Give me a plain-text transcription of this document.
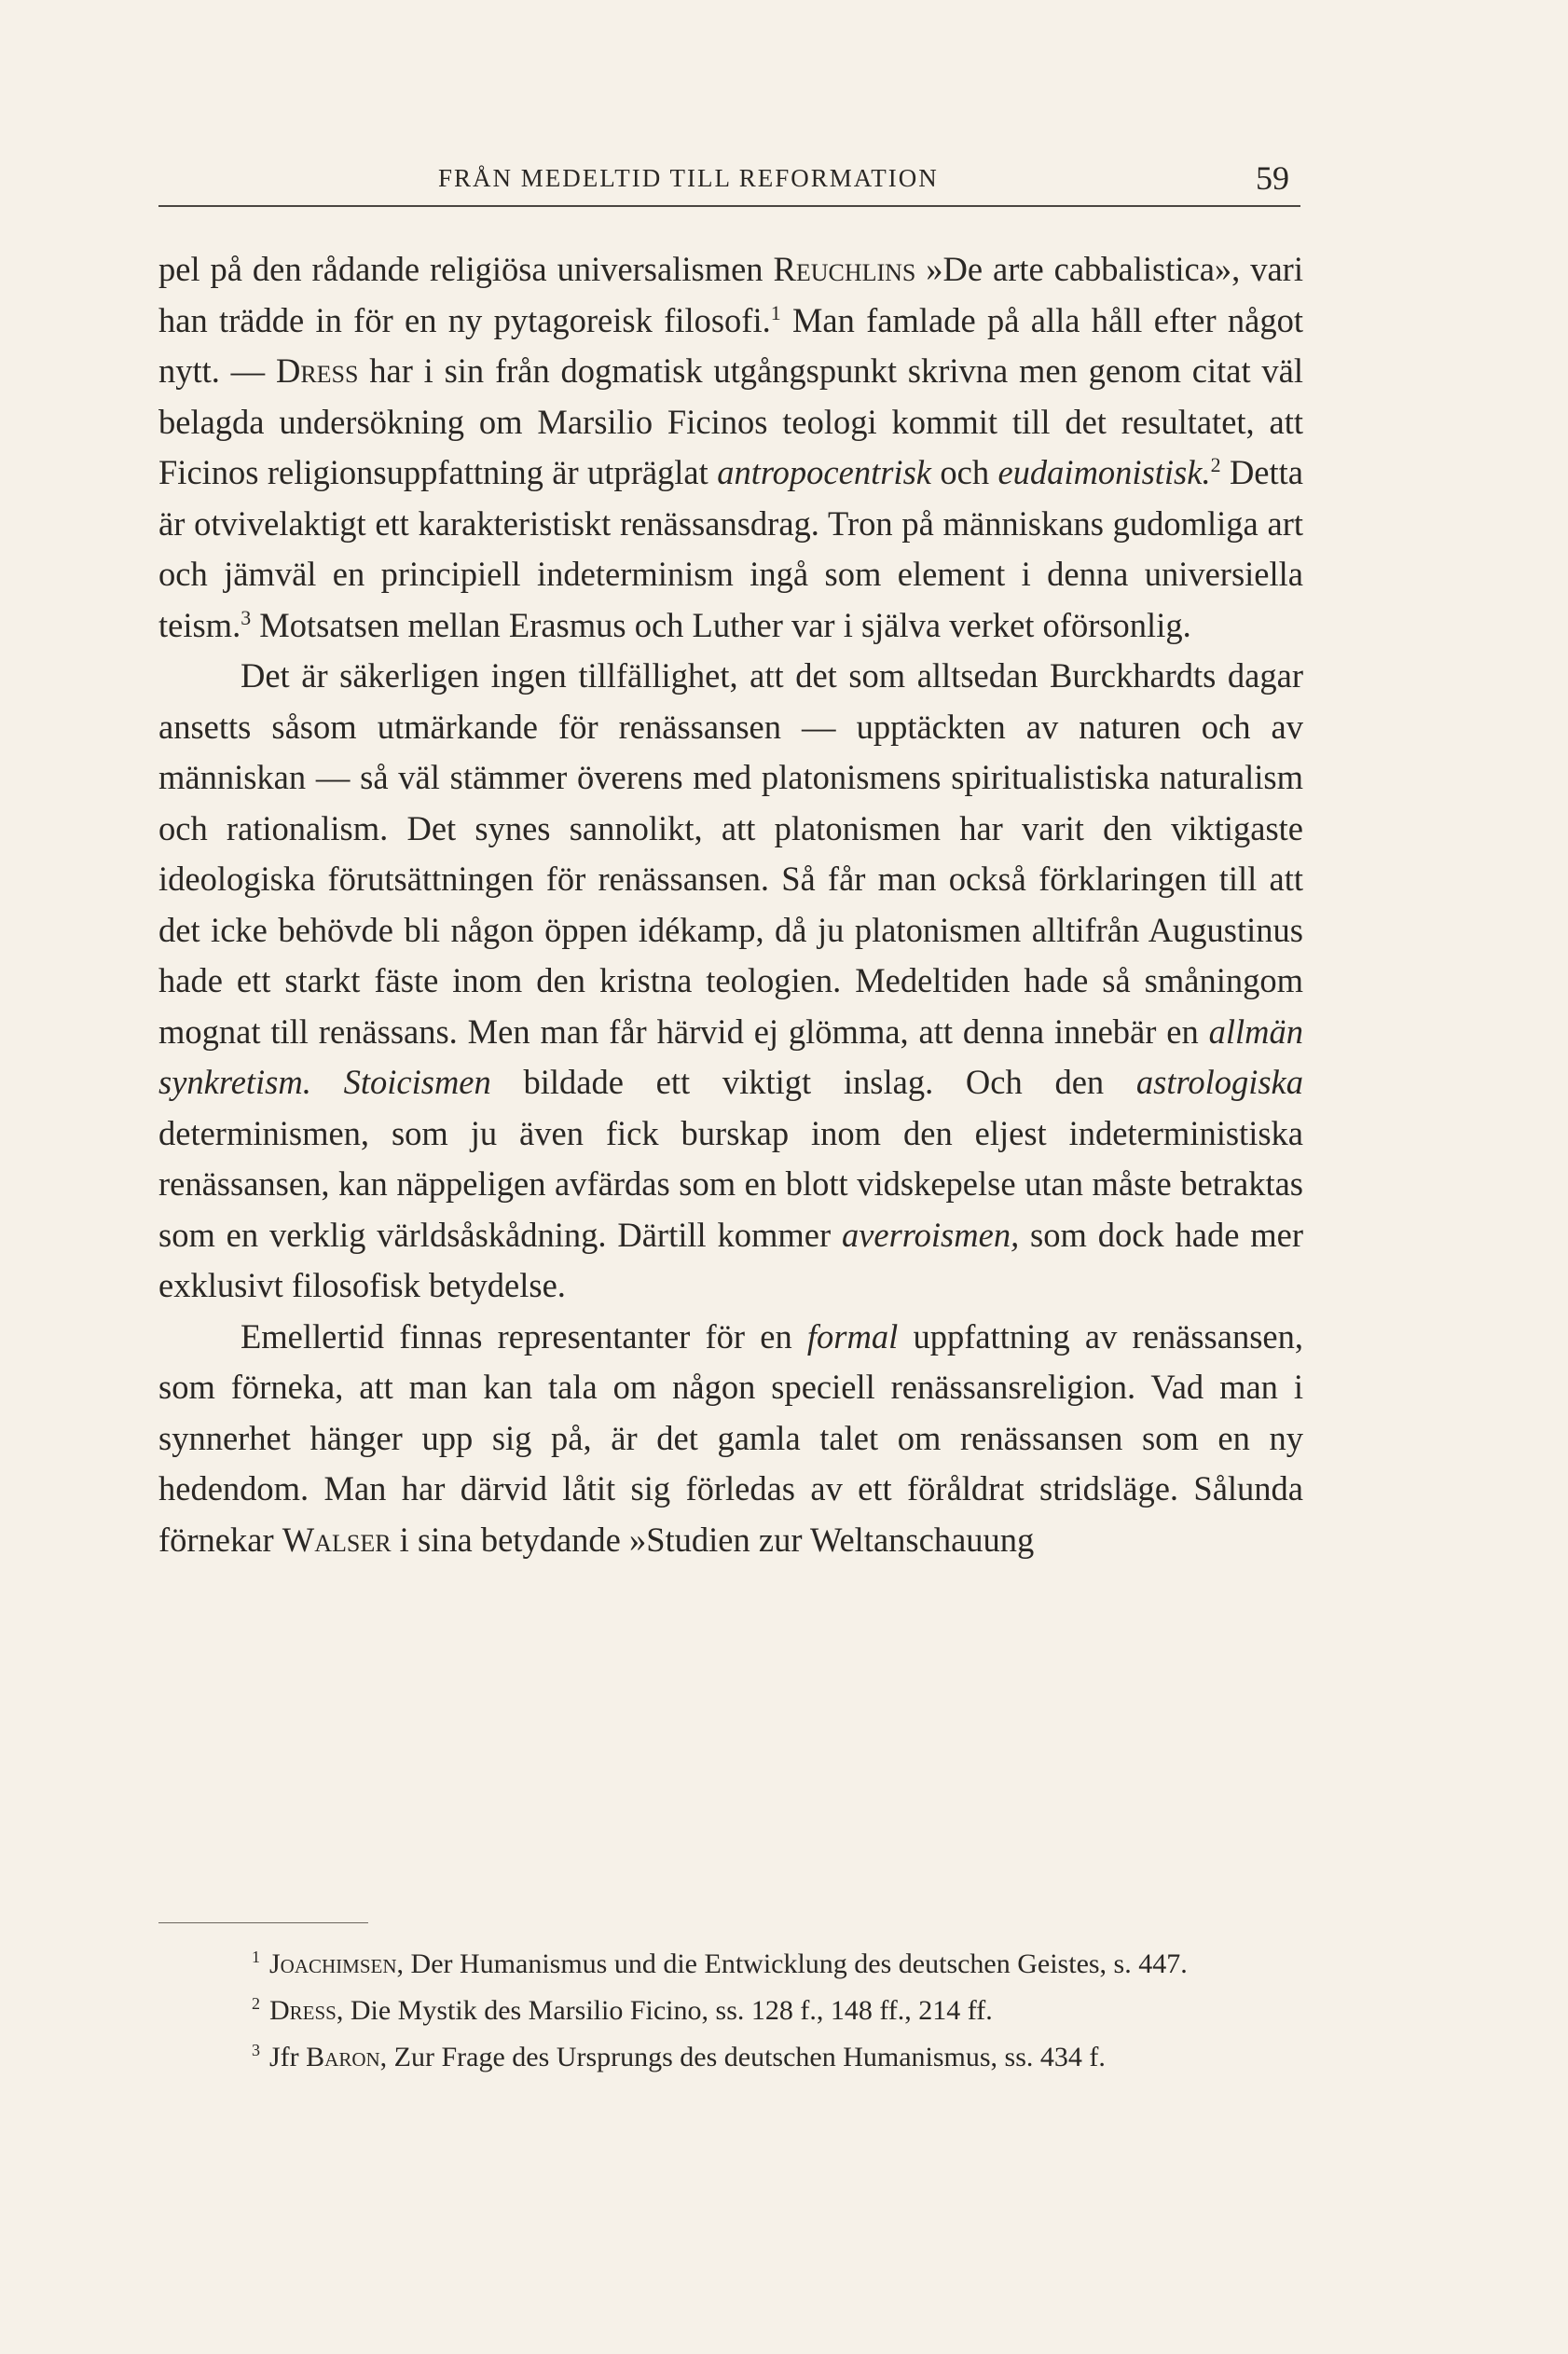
FRÅN MEDELTID TILL REFORMATION	59

pel på den rådande religiösa universalismen Reuchlins »De arte cabbalistica», vari han trädde in för en ny pytagoreisk filosofi.$^1$ Man famlade på alla håll efter något nytt. — Dress har i sin från dogmatisk utgångspunkt skrivna men genom citat väl belagda undersökning om Marsilio Ficinos teologi kommit till det resultatet, att Ficinos religionsuppfattning är utpräglat antropocentrisk och eudaimonistisk.$^2$ Detta är otvivelaktigt ett karakteristiskt renässansdrag. Tron på människans gudomliga art och jämväl en principiell indeterminism ingå som element i denna universiella teism.$^3$ Motsatsen mellan Erasmus och Luther var i själva verket oförsonlig.

Det är säkerligen ingen tillfällighet, att det som alltsedan Burckhardts dagar ansetts såsom utmärkande för renässansen — upptäckten av naturen och av människan — så väl stämmer överens med platonismens spiritualistiska naturalism och rationalism. Det synes sannolikt, att platonismen har varit den viktigaste ideologiska förutsättningen för renässansen. Så får man också förklaringen till att det icke behövde bli någon öppen idékamp, då ju platonismen alltifrån Augustinus hade ett starkt fäste inom den kristna teologien. Medeltiden hade så småningom mognat till renässans. Men man får härvid ej glömma, att denna innebär en allmän synkretism. Stoicismen bildade ett viktigt inslag. Och den astrologiska determinismen, som ju även fick burskap inom den eljest indeterministiska renässansen, kan näppeligen avfärdas som en blott vidskepelse utan måste betraktas som en verklig världsåskådning. Därtill kommer averroismen, som dock hade mer exklusivt filosofisk betydelse.

Emellertid finnas representanter för en formal uppfattning av renässansen, som förneka, att man kan tala om någon speciell renässansreligion. Vad man i synnerhet hänger upp sig på, är det gamla talet om renässansen som en ny hedendom. Man har därvid låtit sig förledas av ett föråldrat stridsläge. Sålunda förnekar Walser i sina betydande »Studien zur Weltanschauung

$^1$ Joachimsen, Der Humanismus und die Entwicklung des deutschen Geistes, s. 447.

$^2$ Dress, Die Mystik des Marsilio Ficino, ss. 128 f., 148 ff., 214 ff.

$^3$ Jfr Baron, Zur Frage des Ursprungs des deutschen Humanismus, ss. 434 f.
